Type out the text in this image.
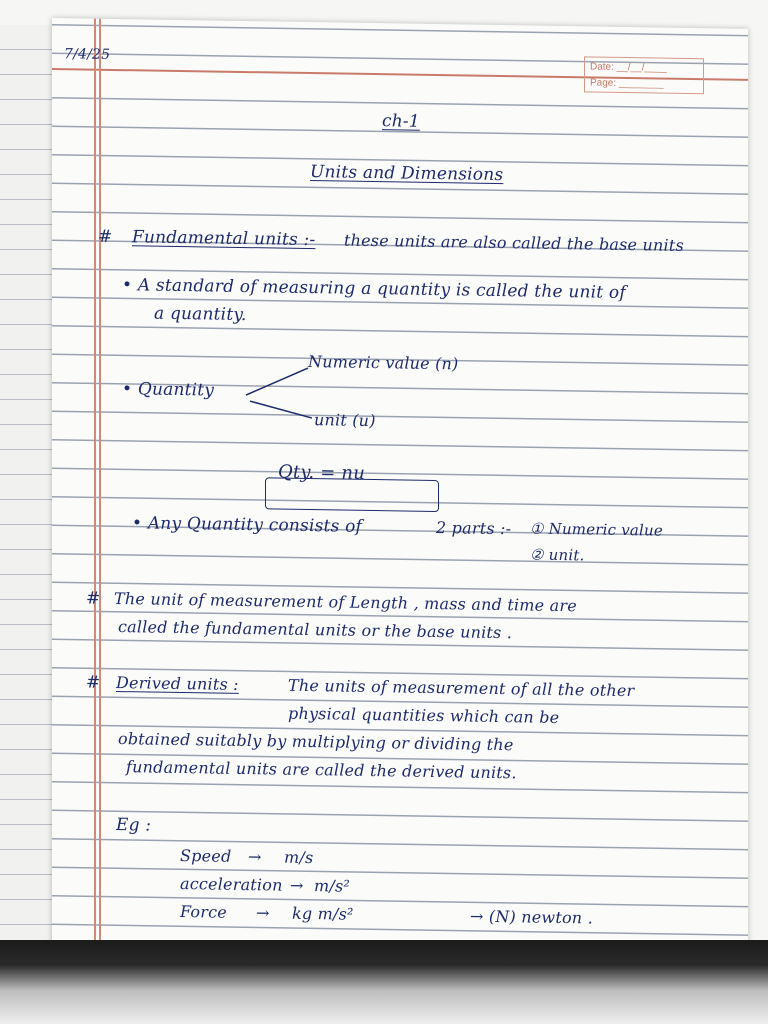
Date: __/__/____
Page: ________
7/4/25
ch-1
Units and Dimensions
# Fundamental units :- these units are also called the base units
• A standard of measuring a quantity is called the unit of
a quantity.
Numeric value (n)
• Quantity
unit (u)
Qty. = nu
• Any Quantity consists of	2 parts :- ① Numeric value
② unit.
# The unit of measurement of Length , mass and time are
called the fundamental units or the base units .
# Derived units :	The units of measurement of all the other
physical quantities which can be
obtained suitably by multiplying or dividing the
fundamental units are called the derived units.
Eg :
Speed → m/s
acceleration → m/s²
Force → kg m/s²	→ (N) newton .
